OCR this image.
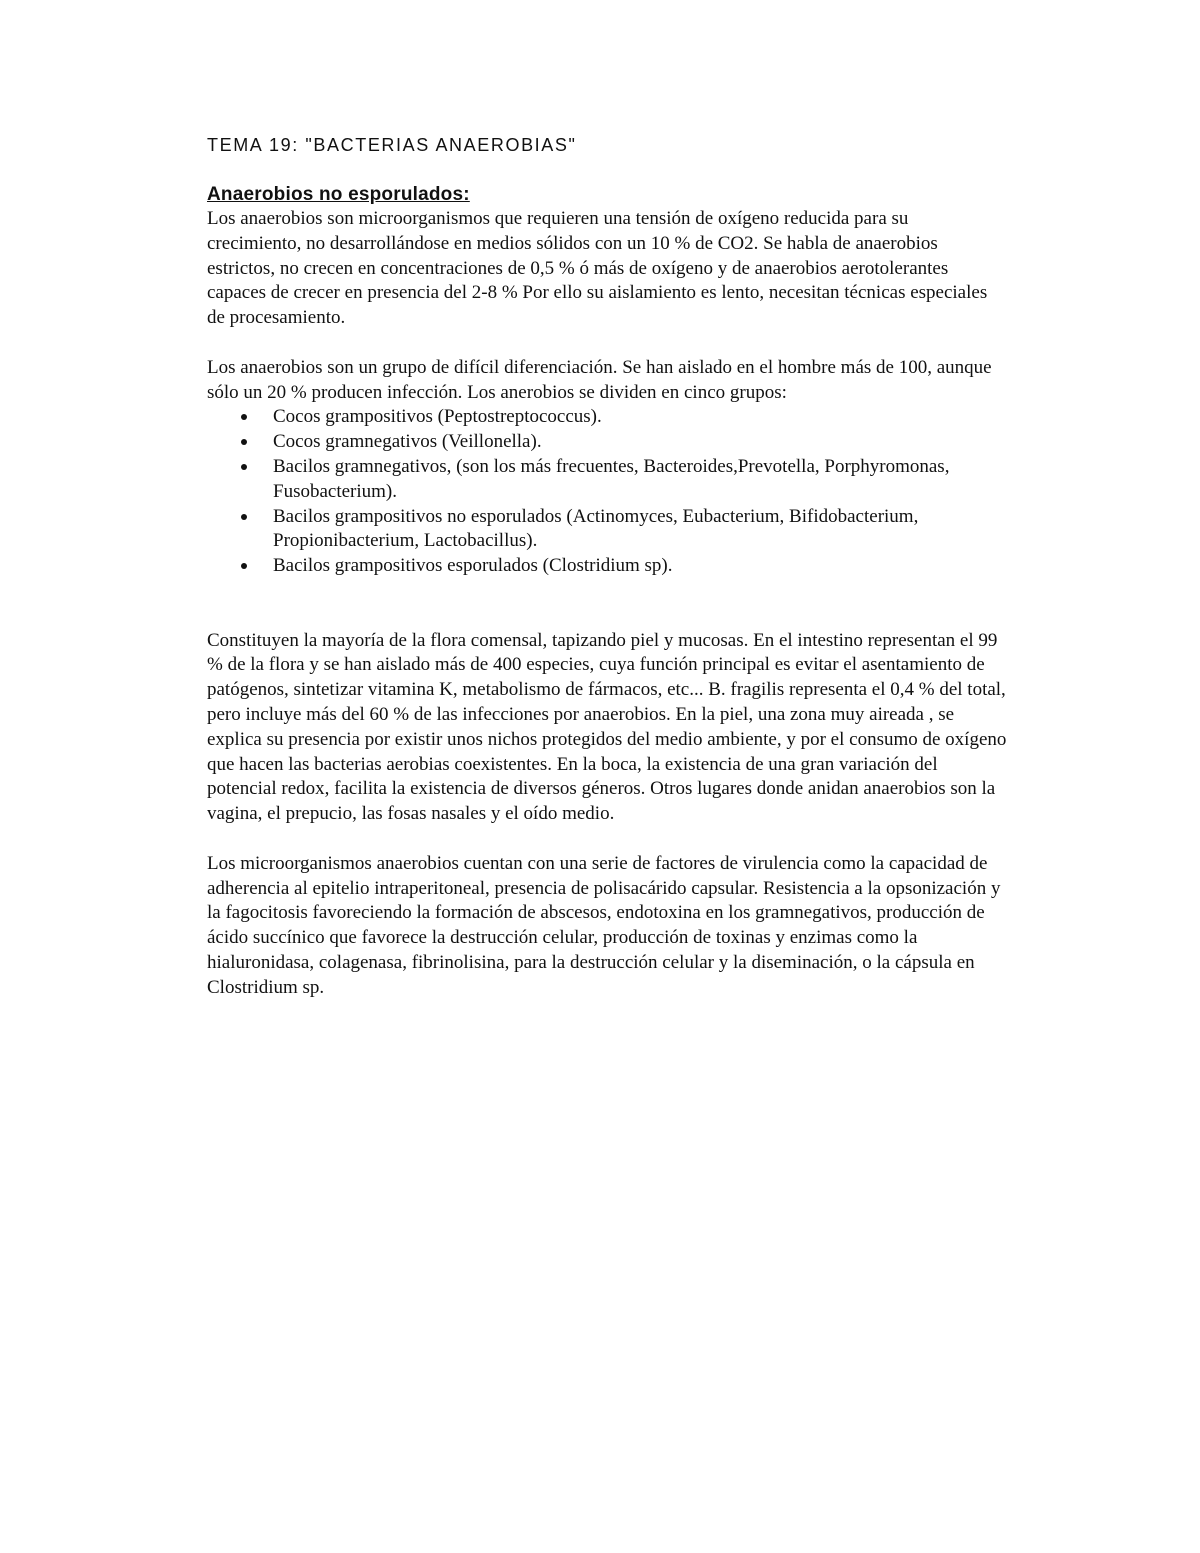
TEMA 19: "BACTERIAS ANAEROBIAS"
Anaerobios no esporulados:

Los anaerobios son microorganismos que requieren una tensión de oxígeno reducida para su crecimiento, no desarrollándose en medios sólidos con un 10 % de CO2. Se habla de anaerobios estrictos, no crecen en concentraciones de 0,5 % ó más de oxígeno y de anaerobios aerotolerantes capaces de crecer en presencia del 2-8 % Por ello su aislamiento es lento, necesitan técnicas especiales de procesamiento.

Los anaerobios son un grupo de difícil diferenciación. Se han aislado en el hombre más de 100, aunque sólo un 20 % producen infección. Los anerobios se dividen en cinco grupos:

Cocos grampositivos (Peptostreptococcus).
Cocos gramnegativos (Veillonella).
Bacilos gramnegativos, (son los más frecuentes, Bacteroides,Prevotella, Porphyromonas, Fusobacterium).
Bacilos grampositivos no esporulados (Actinomyces, Eubacterium, Bifidobacterium, Propionibacterium, Lactobacillus).
Bacilos grampositivos esporulados (Clostridium sp).

Constituyen la mayoría de la flora comensal, tapizando piel y mucosas. En el intestino representan el 99 % de la flora y se han aislado más de 400 especies, cuya función principal es evitar el asentamiento de patógenos, sintetizar vitamina K, metabolismo de fármacos, etc... B. fragilis representa el 0,4 % del total, pero incluye más del 60 % de las infecciones por anaerobios. En la piel, una zona muy aireada , se explica su presencia por existir unos nichos protegidos del medio ambiente, y por el consumo de oxígeno que hacen las bacterias aerobias coexistentes. En la boca, la existencia de una gran variación del potencial redox, facilita la existencia de diversos géneros. Otros lugares donde anidan anaerobios son la vagina, el prepucio, las fosas nasales y el oído medio.

Los microorganismos anaerobios cuentan con una serie de factores de virulencia como la capacidad de adherencia al epitelio intraperitoneal, presencia de polisacárido capsular. Resistencia a la opsonización y la fagocitosis favoreciendo la formación de abscesos, endotoxina en los gramnegativos, producción de ácido succínico que favorece la destrucción celular, producción de toxinas y enzimas como la hialuronidasa, colagenasa, fibrinolisina, para la destrucción celular y la diseminación, o la cápsula en Clostridium sp.
